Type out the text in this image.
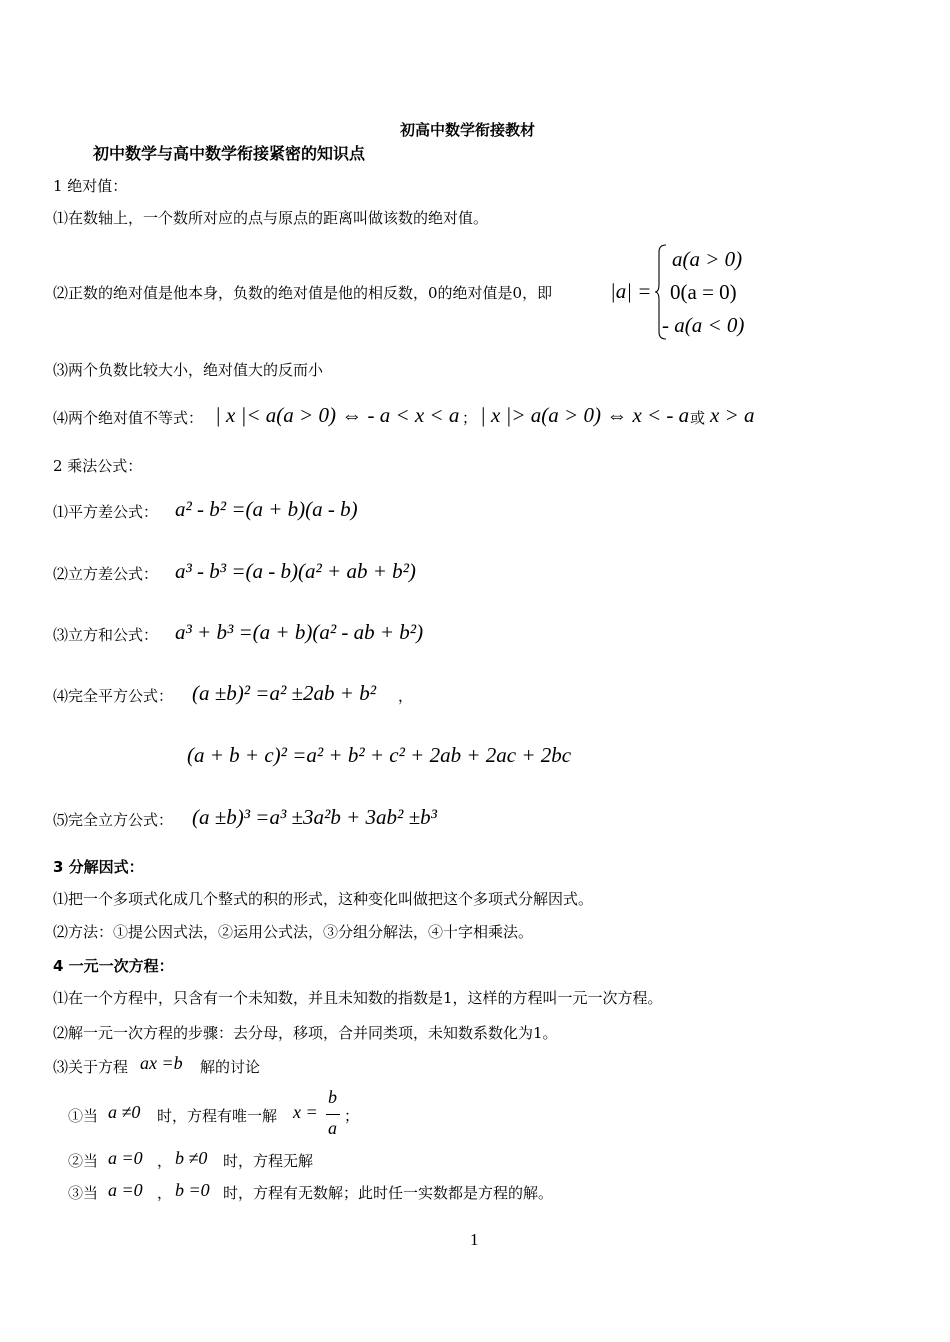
初高中数学衔接教材
初中数学与高中数学衔接紧密的知识点
1 绝对值：
⑴在数轴上，一个数所对应的点与原点的距离叫做该数的绝对值。
⑵正数的绝对值是他本身，负数的绝对值是他的相反数，0的绝对值是0，即	|a| =
a(a > 0)
0(a = 0)
- a(a < 0)
⑶两个负数比较大小，绝对值大的反而小
⑷两个绝对值不等式： | x |< a(a > 0) ⇔ - a < x < a ； | x |> a(a > 0) ⇔ x < - a 或 x > a
2 乘法公式：
⑴平方差公式： a² - b² =(a + b)(a - b)
⑵立方差公式： a³ - b³ =(a - b)(a² + ab + b²)
⑶立方和公式： a³ + b³ =(a + b)(a² - ab + b²)
⑷完全平方公式： (a ±b)² =a² ±2ab + b² ，
(a + b + c)² =a² + b² + c² + 2ab + 2ac + 2bc
⑸完全立方公式： (a ±b)³ =a³ ±3a²b + 3ab² ±b³
3 分解因式：
⑴把一个多项式化成几个整式的积的形式，这种变化叫做把这个多项式分解因式。
⑵方法：①提公因式法，②运用公式法，③分组分解法，④十字相乘法。
4 一元一次方程：
⑴在一个方程中，只含有一个未知数，并且未知数的指数是1，这样的方程叫一元一次方程。
⑵解一元一次方程的步骤：去分母，移项，合并同类项，未知数系数化为1。
⑶关于方程 ax =b 解的讨论
①当 a ≠0 时，方程有唯一解 x =
b
a
；
②当 a =0 ， b ≠0 时，方程无解
③当 a =0 ， b =0 时，方程有无数解；此时任一实数都是方程的解。
1
